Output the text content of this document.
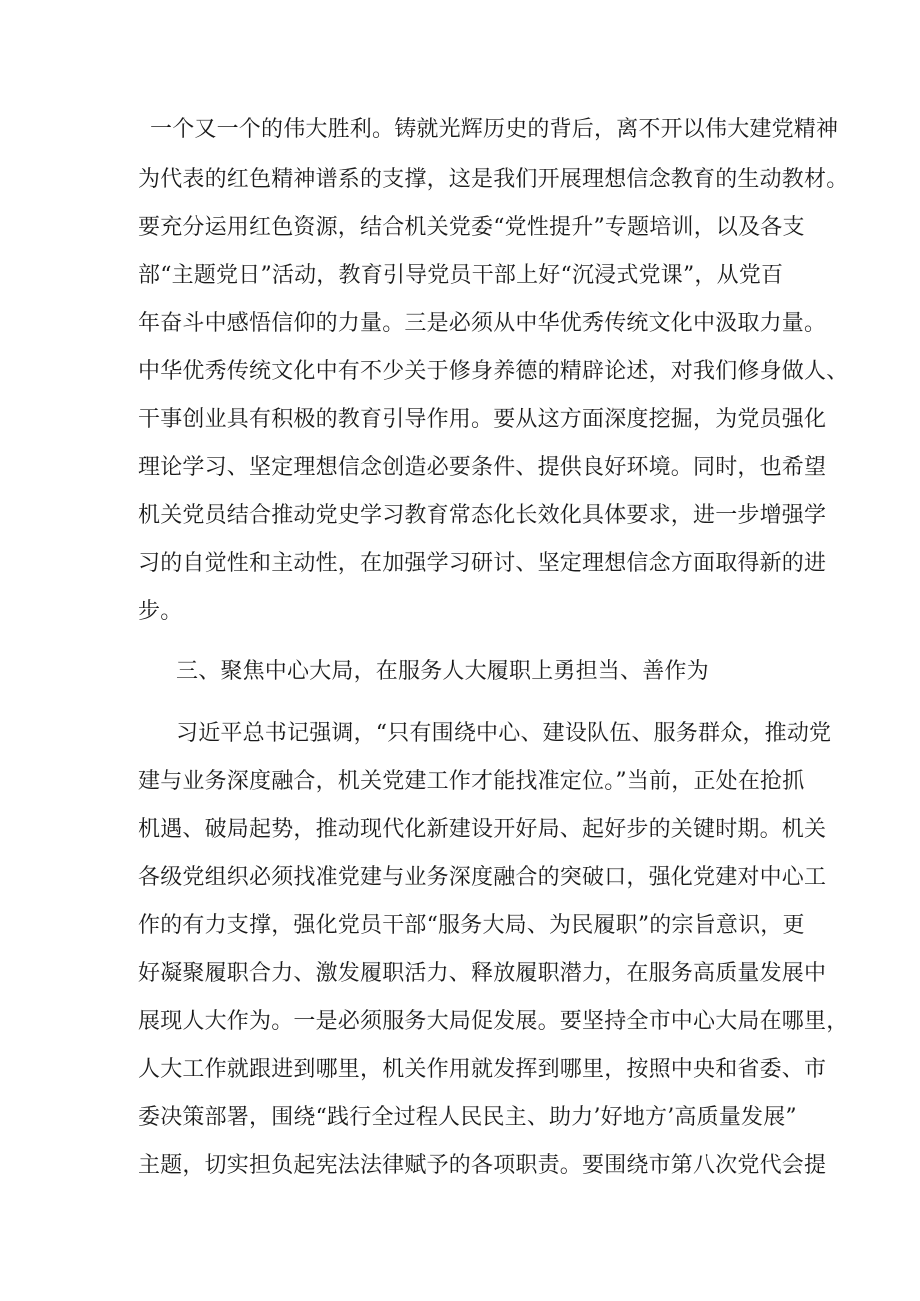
一个又一个的伟大胜利。铸就光辉历史的背后，离不开以伟大建党精神
为代表的红色精神谱系的支撑，这是我们开展理想信念教育的生动教材。
要充分运用红色资源，结合机关党委“党性提升”专题培训，以及各支
部“主题党日”活动，教育引导党员干部上好“沉浸式党课”，从党百
年奋斗中感悟信仰的力量。三是必须从中华优秀传统文化中汲取力量。
中华优秀传统文化中有不少关于修身养德的精辟论述，对我们修身做人、
干事创业具有积极的教育引导作用。要从这方面深度挖掘，为党员强化
理论学习、坚定理想信念创造必要条件、提供良好环境。同时，也希望
机关党员结合推动党史学习教育常态化长效化具体要求，进一步增强学
习的自觉性和主动性，在加强学习研讨、坚定理想信念方面取得新的进
步。
三、聚焦中心大局，在服务人大履职上勇担当、善作为
习近平总书记强调，“只有围绕中心、建设队伍、服务群众，推动党
建与业务深度融合，机关党建工作才能找准定位。”当前，正处在抢抓
机遇、破局起势，推动现代化新建设开好局、起好步的关键时期。机关
各级党组织必须找准党建与业务深度融合的突破口，强化党建对中心工
作的有力支撑，强化党员干部“服务大局、为民履职”的宗旨意识，更
好凝聚履职合力、激发履职活力、释放履职潜力，在服务高质量发展中
展现人大作为。一是必须服务大局促发展。要坚持全市中心大局在哪里，
人大工作就跟进到哪里，机关作用就发挥到哪里，按照中央和省委、市
委决策部署，围绕“践行全过程人民民主、助力’好地方’高质量发展”
主题，切实担负起宪法法律赋予的各项职责。要围绕市第八次党代会提
